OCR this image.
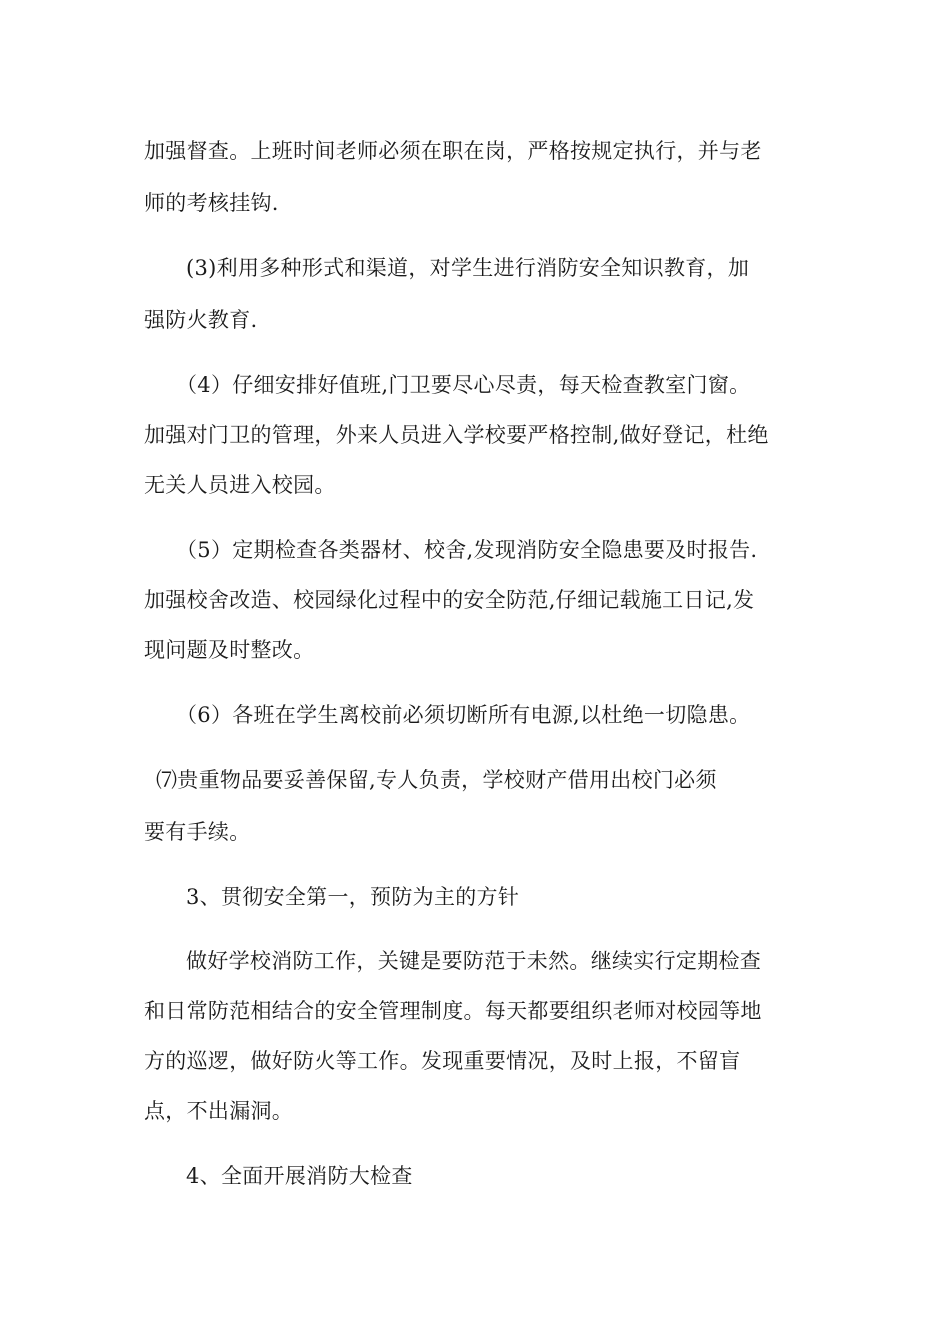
加强督查。上班时间老师必须在职在岗，严格按规定执行，并与老
师的考核挂钩.
(3)利用多种形式和渠道，对学生进行消防安全知识教育，加
强防火教育.
（4）仔细安排好值班,门卫要尽心尽责，每天检查教室门窗。
加强对门卫的管理，外来人员进入学校要严格控制,做好登记，杜绝
无关人员进入校园。
（5）定期检查各类器材、校舍,发现消防安全隐患要及时报告.
加强校舍改造、校园绿化过程中的安全防范,仔细记载施工日记,发
现问题及时整改。
（6）各班在学生离校前必须切断所有电源,以杜绝一切隐患。
⑺贵重物品要妥善保留,专人负责，学校财产借用出校门必须
要有手续。
3、贯彻安全第一，预防为主的方针
做好学校消防工作，关键是要防范于未然。继续实行定期检查
和日常防范相结合的安全管理制度。每天都要组织老师对校园等地
方的巡逻，做好防火等工作。发现重要情况，及时上报，不留盲
点，不出漏洞。
4、全面开展消防大检查
